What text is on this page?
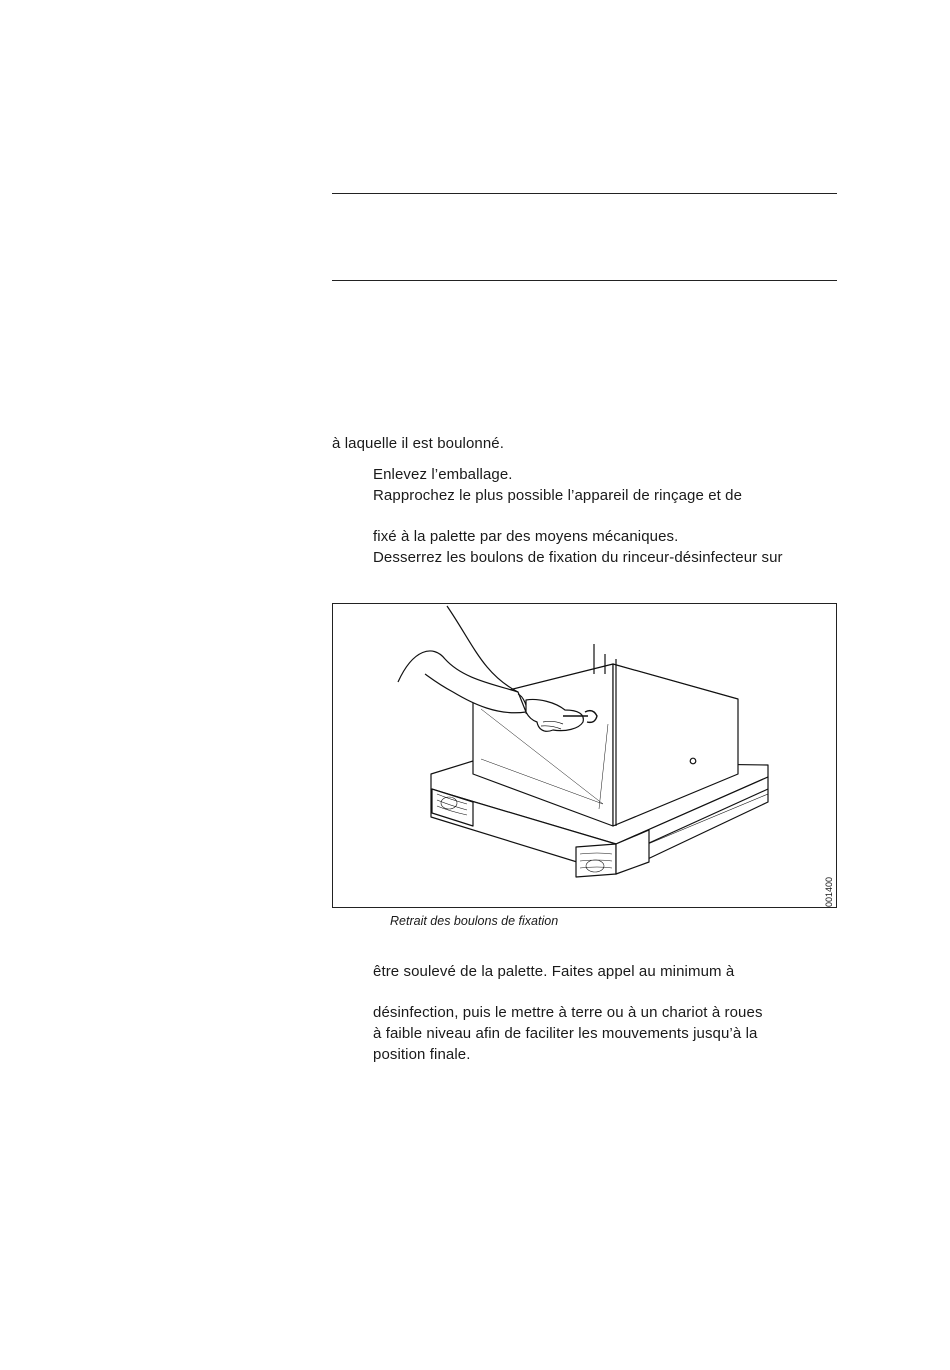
à laquelle il est boulonné.
Enlevez l’emballage.
Rapprochez le plus possible l’appareil de rinçage et de
fixé à la palette par des moyens mécaniques.
Desserrez les boulons de fixation du rinceur-désinfecteur sur
001400
Retrait des boulons de fixation
être soulevé de la palette. Faites appel au minimum à
désinfection, puis le mettre à terre ou à un chariot à roues
à faible niveau afin de faciliter les mouvements jusqu’à la
position finale.
